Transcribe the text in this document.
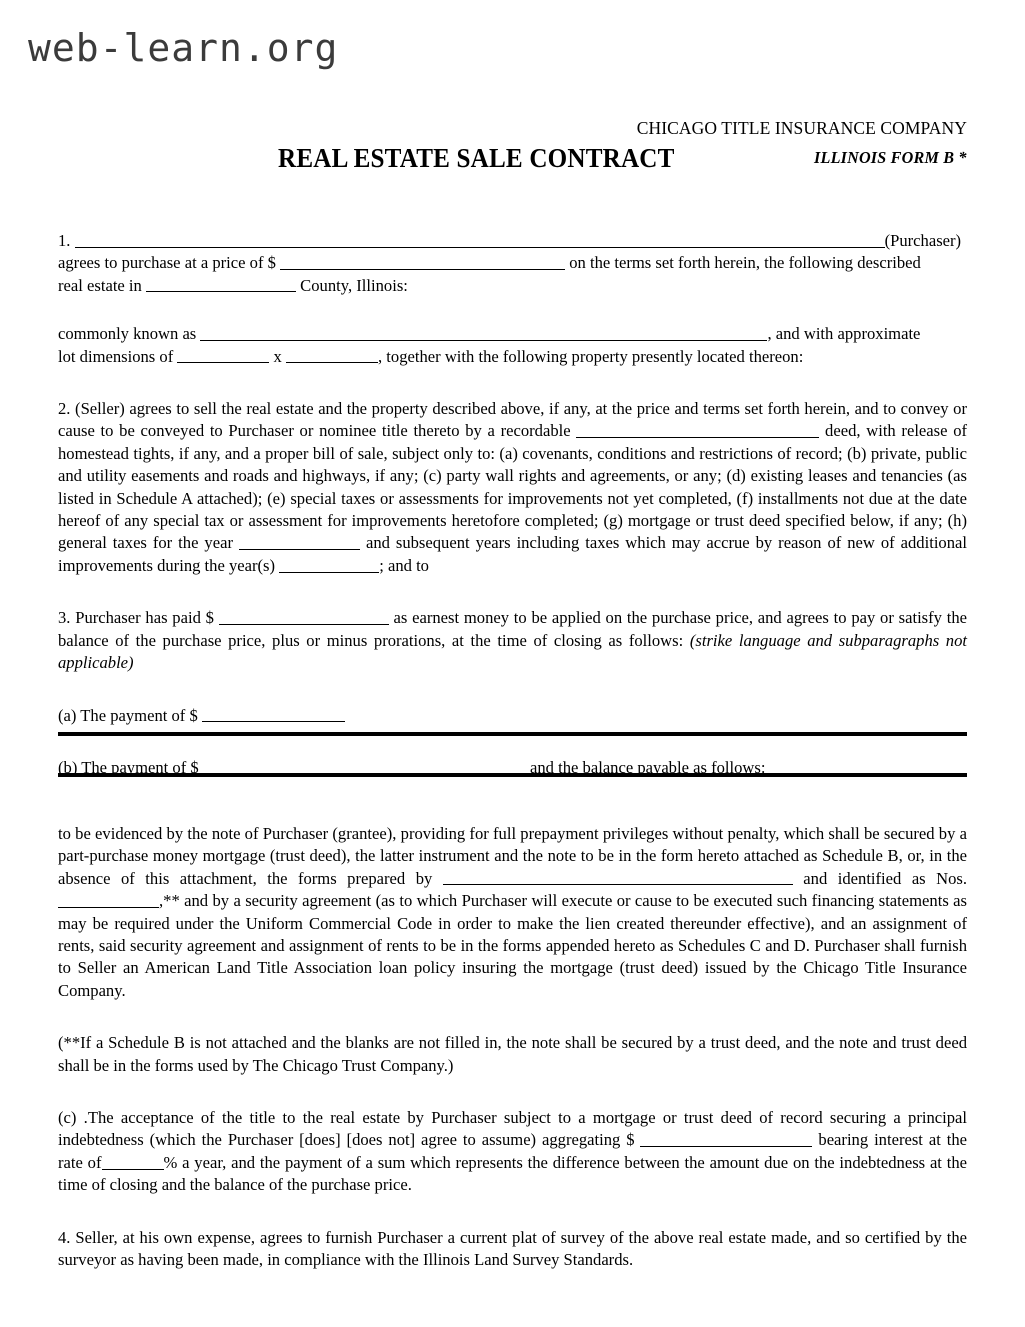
web-learn.org
CHICAGO TITLE INSURANCE COMPANY
REAL ESTATE SALE CONTRACT	ILLINOIS FORM B *

1.	(Purchaser)

agrees to purchase at a price of $	on the terms set forth herein, the following described

real estate in	County, Illinois:

commonly known as	, and with approximate

lot dimensions of	x	, together with the following property presently located thereon:

2. (Seller) agrees to sell the real estate and the property described above, if any, at the price and terms set forth herein, and to convey or cause to be conveyed to Purchaser or nominee title thereto by a recordable	deed, with release of homestead tights, if any, and a proper bill of sale, subject only to: (a) covenants, conditions and restrictions of record; (b) private, public and utility easements and roads and highways, if any; (c) party wall rights and agreements, or any; (d) existing leases and tenancies (as listed in Schedule A attached); (e) special taxes or assessments for improvements not yet completed, (f) installments not due at the date hereof of any special tax or assessment for improvements heretofore completed; (g) mortgage or trust deed specified below, if any; (h) general taxes for the year	and subsequent years including taxes which may accrue by reason of new of additional improvements during the year(s)	; and to

3. Purchaser has paid $	as earnest money to be applied on the purchase price, and agrees to pay or satisfy the balance of the purchase price, plus or minus prorations, at the time of closing as follows: (strike language and subparagraphs not applicable)

(a) The payment of $

(b) The payment of $	and the balance payable as follows:

to be evidenced by the note of Purchaser (grantee), providing for full prepayment privileges without penalty, which shall be secured by a part-purchase money mortgage (trust deed), the latter instrument and the note to be in the form hereto attached as Schedule B, or, in the absence of this attachment, the forms prepared by	and identified as Nos. ,** and by a security agreement (as to which Purchaser will execute or cause to be executed such financing statements as may be required under the Uniform Commercial Code in order to make the lien created thereunder effective), and an assignment of rents, said security agreement and assignment of rents to be in the forms appended hereto as Schedules C and D. Purchaser shall furnish to Seller an American Land Title Association loan policy insuring the mortgage (trust deed) issued by the Chicago Title Insurance Company.

(**If a Schedule B is not attached and the blanks are not filled in, the note shall be secured by a trust deed, and the note and trust deed shall be in the forms used by The Chicago Trust Company.)

(c) .The acceptance of the title to the real estate by Purchaser subject to a mortgage or trust deed of record securing a principal indebtedness (which the Purchaser [does] [does not] agree to assume) aggregating $	bearing interest at the rate of	% a year, and the payment of a sum which represents the difference between the amount due on the indebtedness at the time of closing and the balance of the purchase price.

4. Seller, at his own expense, agrees to furnish Purchaser a current plat of survey of the above real estate made, and so certified by the surveyor as having been made, in compliance with the Illinois Land Survey Standards.
